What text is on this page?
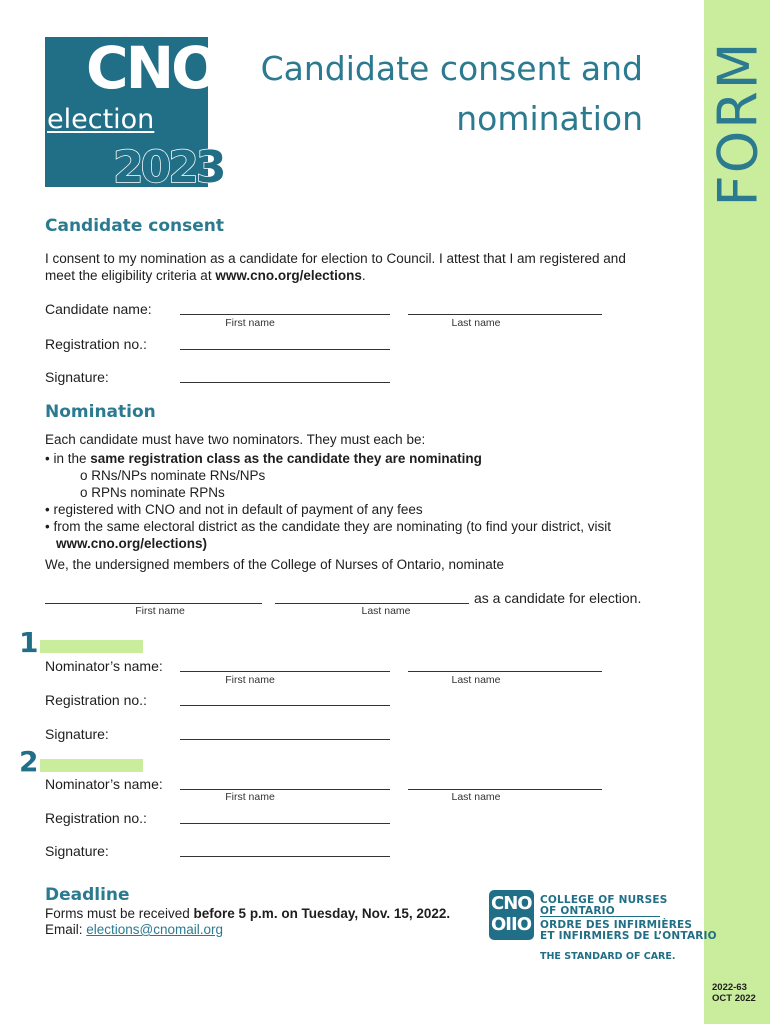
FORM
CNO
election
2023
Candidate consent and
nomination
Candidate consent
I consent to my nomination as a candidate for election to Council. I attest that I am registered and
meet the eligibility criteria at www.cno.org/elections.
Candidate name:
First name	Last name
Registration no.:
Signature:
Nomination
Each candidate must have two nominators. They must each be:
• in the same registration class as the candidate they are nominating
o RNs/NPs nominate RNs/NPs
o RPNs nominate RPNs
• registered with CNO and not in default of payment of any fees
• from the same electoral district as the candidate they are nominating (to find your district, visit
www.cno.org/elections)
We, the undersigned members of the College of Nurses of Ontario, nominate
as a candidate for election.
First name	Last name
1
Nominator’s name:
First name	Last name
Registration no.:
Signature:
2
Nominator’s name:
First name	Last name
Registration no.:
Signature:
Deadline
Forms must be received before 5 p.m. on Tuesday, Nov. 15, 2022.
Email: elections@cnomail.org
CNO
OIIO
COLLEGE OF NURSES
OF ONTARIO
ORDRE DES INFIRMIÈRES
ET INFIRMIERS DE L’ONTARIO
THE STANDARD OF CARE.
2022-63
OCT 2022
